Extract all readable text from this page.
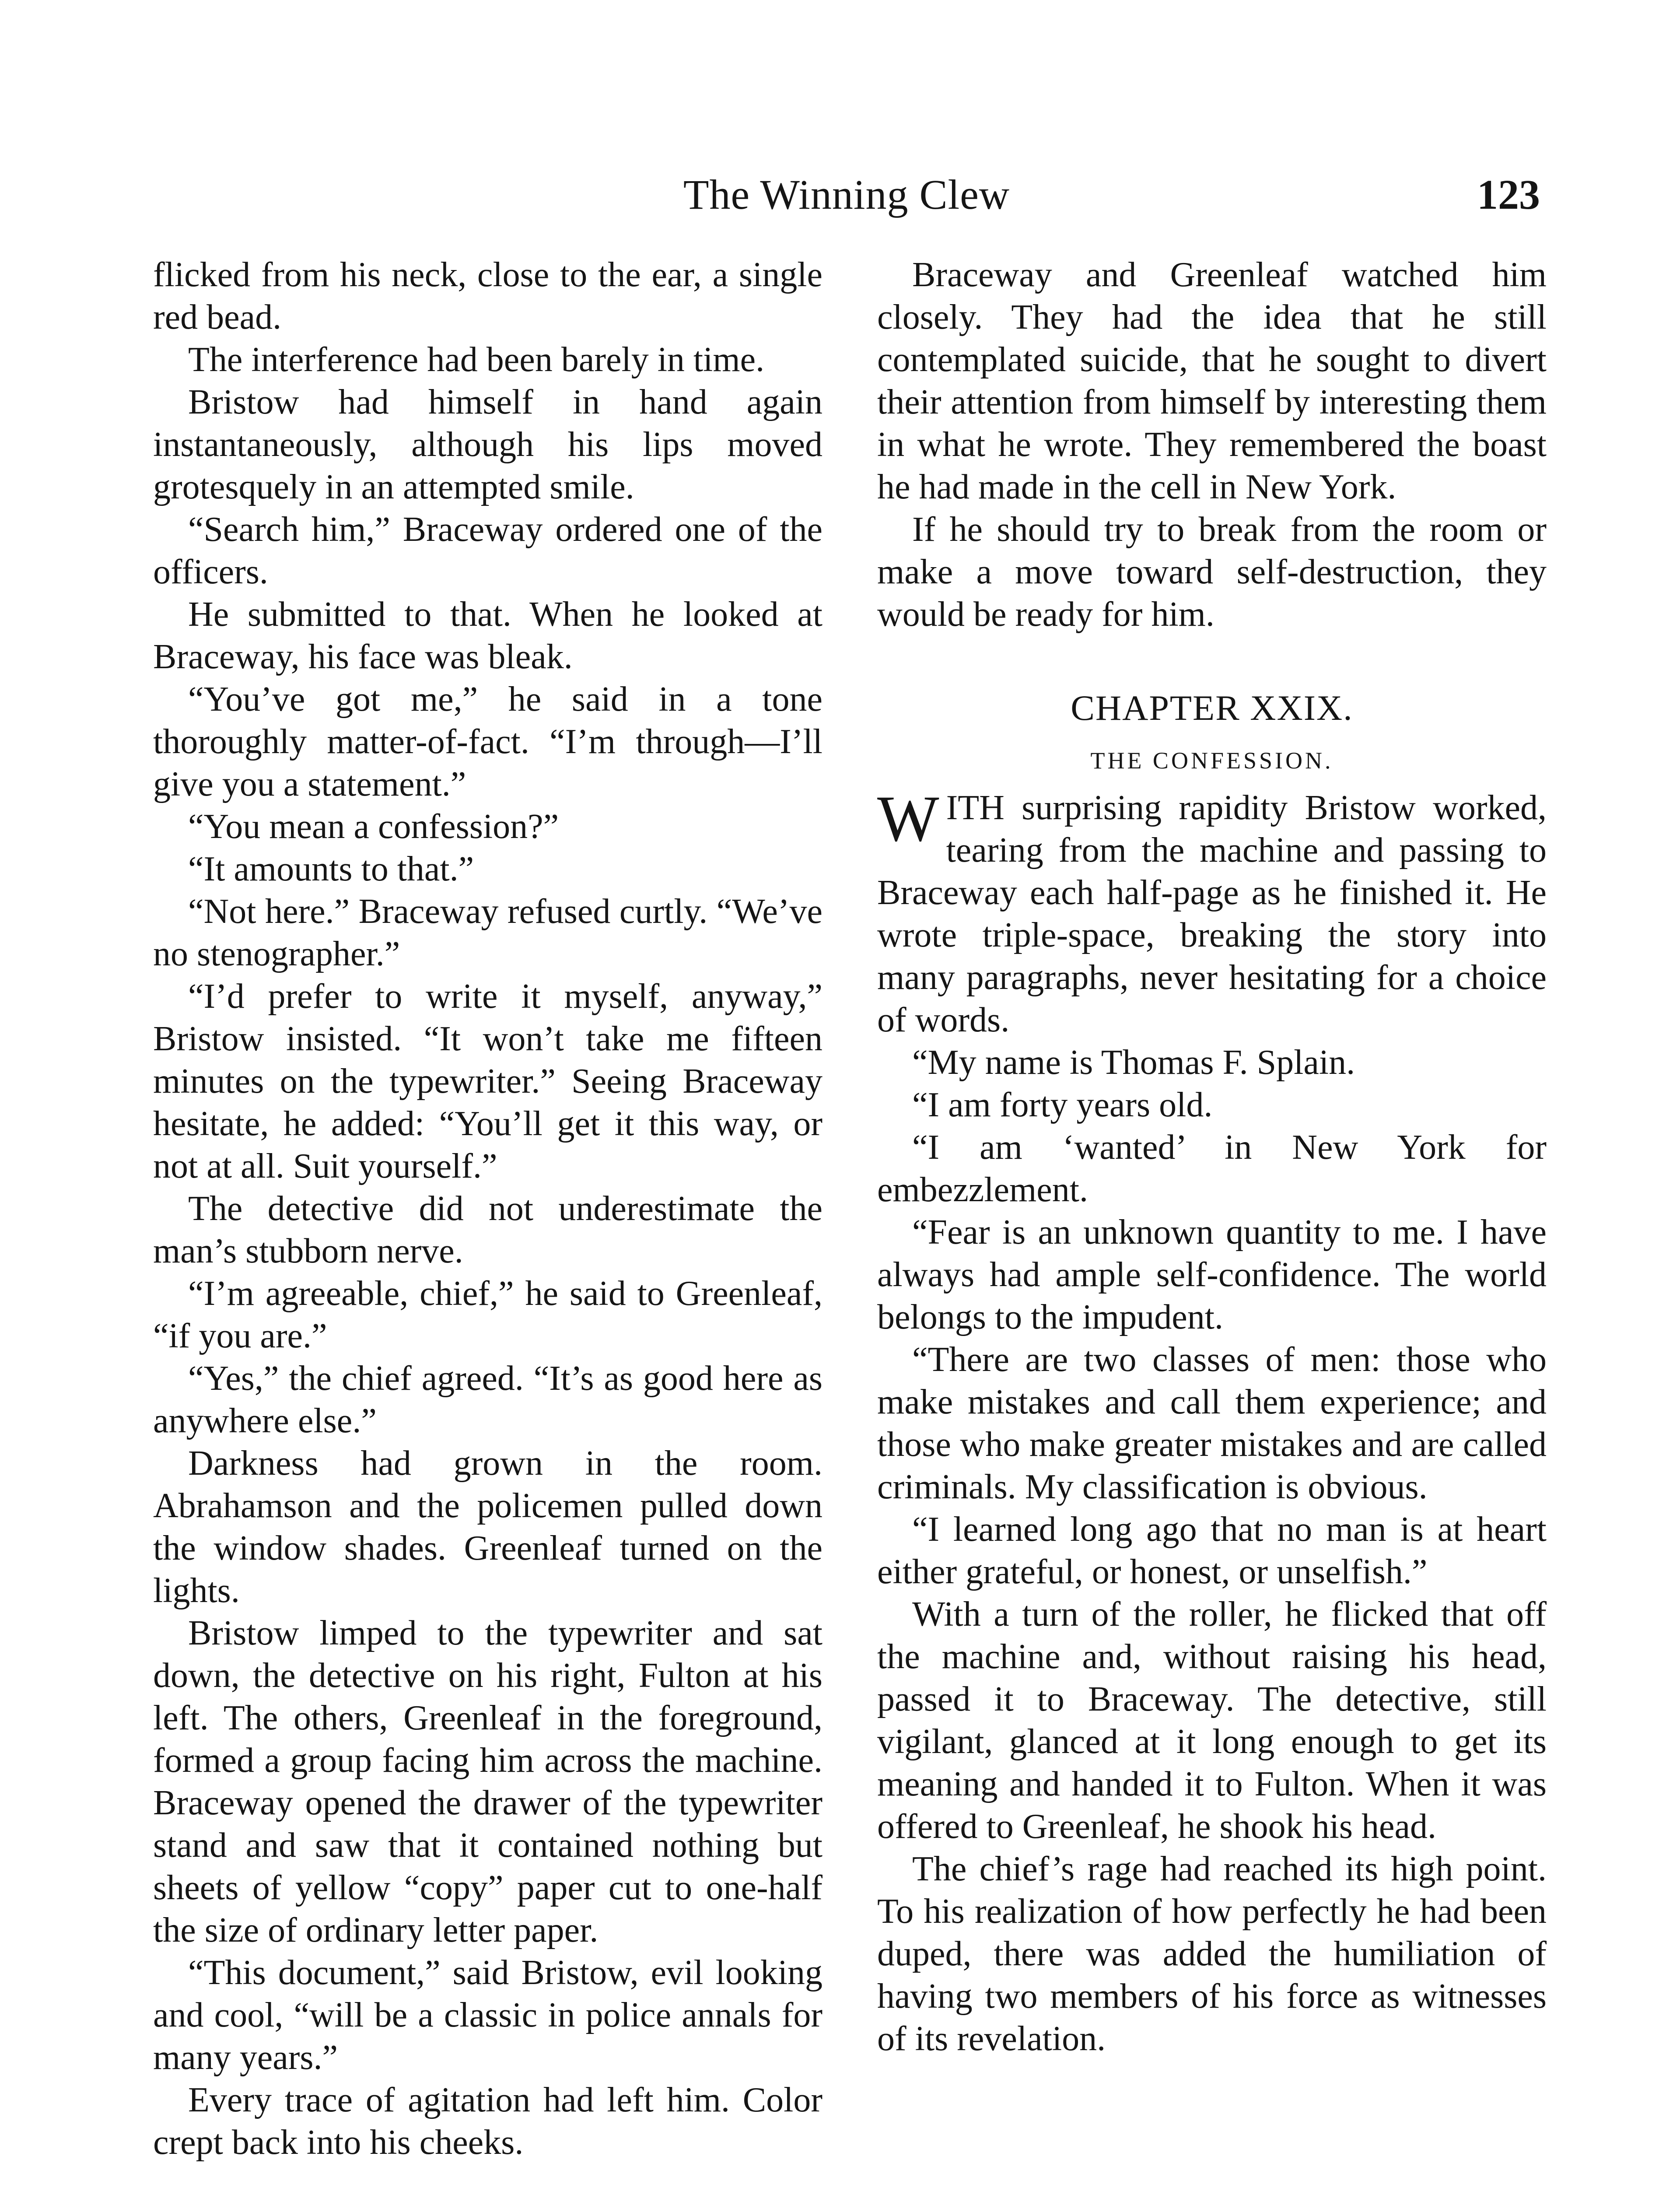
The Winning Clew	123

flicked from his neck, close to the ear, a single red bead.

The interference had been barely in time.

Bristow had himself in hand again instantaneously, although his lips moved grotesquely in an attempted smile.

“Search him,” Braceway ordered one of the officers.

He submitted to that. When he looked at Braceway, his face was bleak.

“You’ve got me,” he said in a tone thoroughly matter-of-fact. “I’m through—I’ll give you a statement.”

“You mean a confession?”

“It amounts to that.”

“Not here.” Braceway refused curtly. “We’ve no stenographer.”

“I’d prefer to write it myself, anyway,” Bristow insisted. “It won’t take me fifteen minutes on the typewriter.” Seeing Braceway hesitate, he added: “You’ll get it this way, or not at all. Suit yourself.”

The detective did not underestimate the man’s stubborn nerve.

“I’m agreeable, chief,” he said to Greenleaf, “if you are.”

“Yes,” the chief agreed. “It’s as good here as anywhere else.”

Darkness had grown in the room. Abrahamson and the policemen pulled down the window shades. Greenleaf turned on the lights.

Bristow limped to the typewriter and sat down, the detective on his right, Fulton at his left. The others, Greenleaf in the foreground, formed a group facing him across the machine. Braceway opened the drawer of the typewriter stand and saw that it contained nothing but sheets of yellow “copy” paper cut to one-half the size of ordinary letter paper.

“This document,” said Bristow, evil looking and cool, “will be a classic in police annals for many years.”

Every trace of agitation had left him. Color crept back into his cheeks.

Braceway and Greenleaf watched him closely. They had the idea that he still contemplated suicide, that he sought to divert their attention from himself by interesting them in what he wrote. They remembered the boast he had made in the cell in New York.

If he should try to break from the room or make a move toward self-destruction, they would be ready for him.

CHAPTER XXIX.
THE CONFESSION.

WITH surprising rapidity Bristow worked, tearing from the machine and passing to Braceway each half-page as he finished it. He wrote triple-space, breaking the story into many paragraphs, never hesitating for a choice of words.

“My name is Thomas F. Splain.

“I am forty years old.

“I am ‘wanted’ in New York for embezzlement.

“Fear is an unknown quantity to me. I have always had ample self-confidence. The world belongs to the impudent.

“There are two classes of men: those who make mistakes and call them experience; and those who make greater mistakes and are called criminals. My classification is obvious.

“I learned long ago that no man is at heart either grateful, or honest, or unselfish.”

With a turn of the roller, he flicked that off the machine and, without raising his head, passed it to Braceway. The detective, still vigilant, glanced at it long enough to get its meaning and handed it to Fulton. When it was offered to Greenleaf, he shook his head.

The chief’s rage had reached its high point. To his realization of how perfectly he had been duped, there was added the humiliation of having two members of his force as witnesses of its revelation.
